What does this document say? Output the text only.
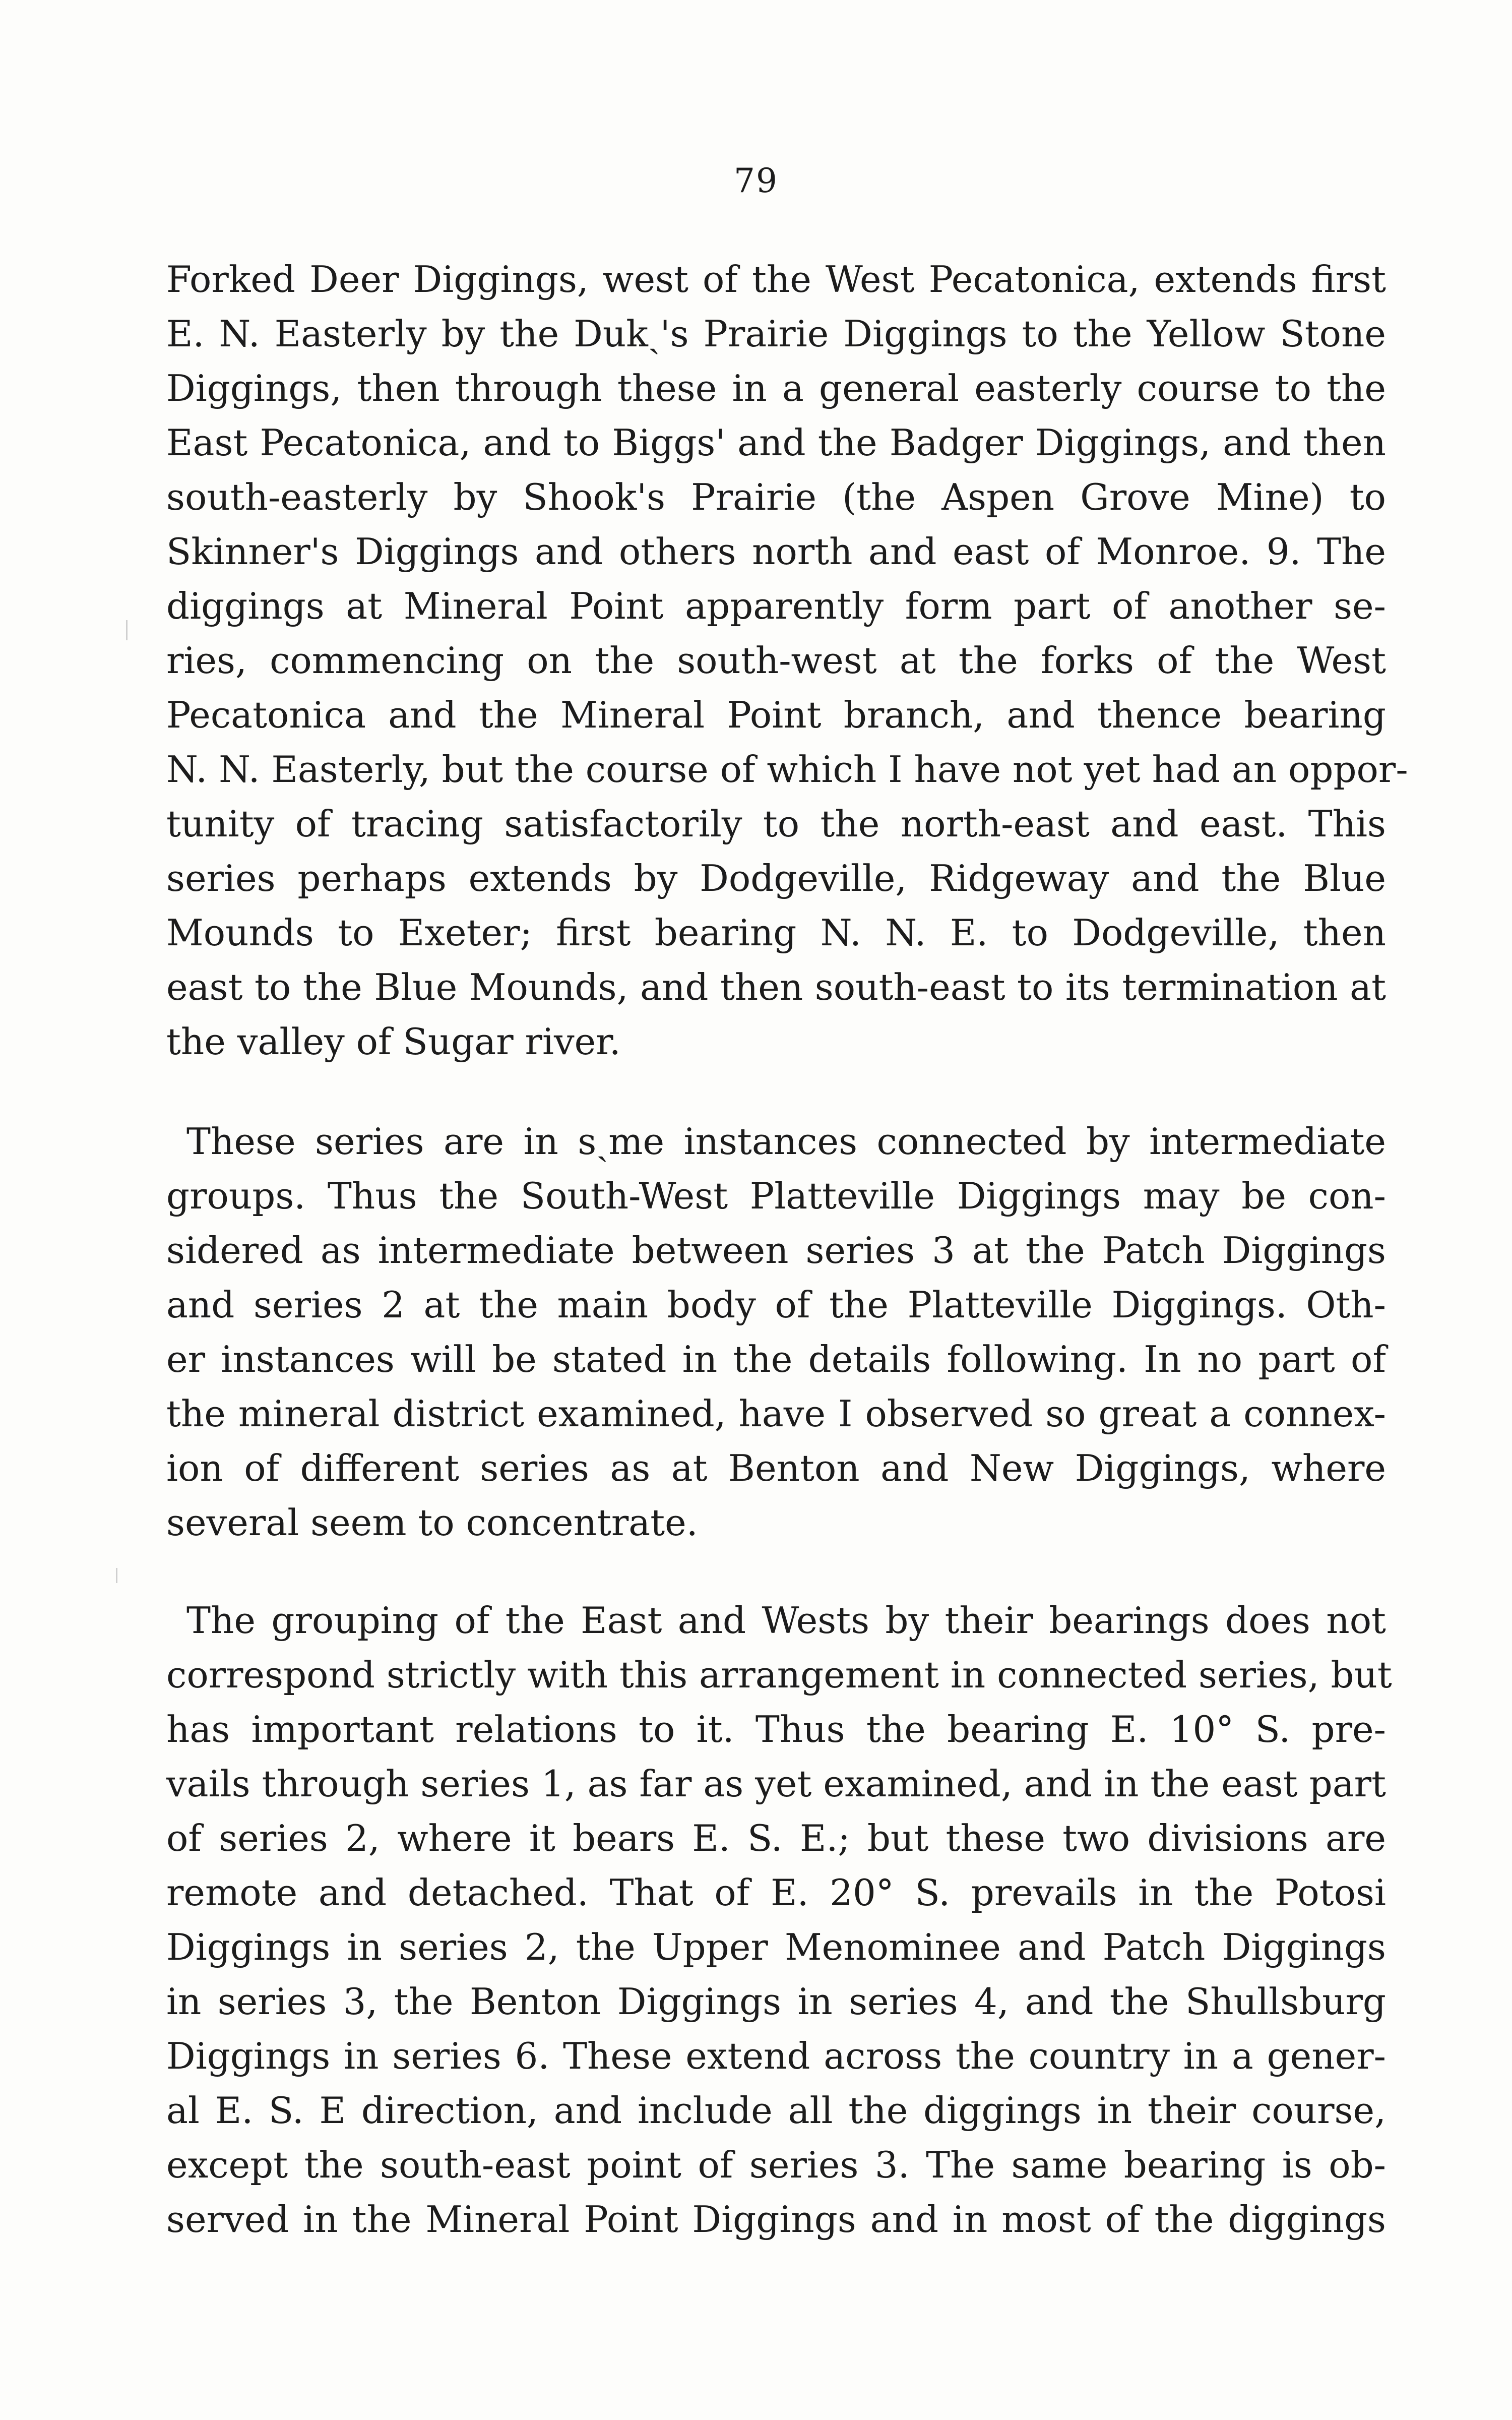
79
Forked Deer Diggings, west of the West Pecatonica, extends first
E. N. Easterly by the Dukˎ's Prairie Diggings to the Yellow Stone
Diggings, then through these in a general easterly course to the
East Pecatonica, and to Biggs' and the Badger Diggings, and then
south-easterly by Shook's Prairie (the Aspen Grove Mine) to
Skinner's Diggings and others north and east of Monroe. 9. The
diggings at Mineral Point apparently form part of another se-
ries, commencing on the south-west at the forks of the West
Pecatonica and the Mineral Point branch, and thence bearing
N. N. Easterly, but the course of which I have not yet had an oppor-
tunity of tracing satisfactorily to the north-east and east. This
series perhaps extends by Dodgeville, Ridgeway and the Blue
Mounds to Exeter; first bearing N. N. E. to Dodgeville, then
east to the Blue Mounds, and then south-east to its termination at
the valley of Sugar river.
These series are in sˎme instances connected by intermediate
groups. Thus the South-West Platteville Diggings may be con-
sidered as intermediate between series 3 at the Patch Diggings
and series 2 at the main body of the Platteville Diggings. Oth-
er instances will be stated in the details following. In no part of
the mineral district examined, have I observed so great a connex-
ion of different series as at Benton and New Diggings, where
several seem to concentrate.
The grouping of the East and Wests by their bearings does not
correspond strictly with this arrangement in connected series, but
has important relations to it. Thus the bearing E. 10° S. pre-
vails through series 1, as far as yet examined, and in the east part
of series 2, where it bears E. S. E.; but these two divisions are
remote and detached. That of E. 20° S. prevails in the Potosi
Diggings in series 2, the Upper Menominee and Patch Diggings
in series 3, the Benton Diggings in series 4, and the Shullsburg
Diggings in series 6. These extend across the country in a gener-
al E. S. E direction, and include all the diggings in their course,
except the south-east point of series 3. The same bearing is ob-
served in the Mineral Point Diggings and in most of the diggings
